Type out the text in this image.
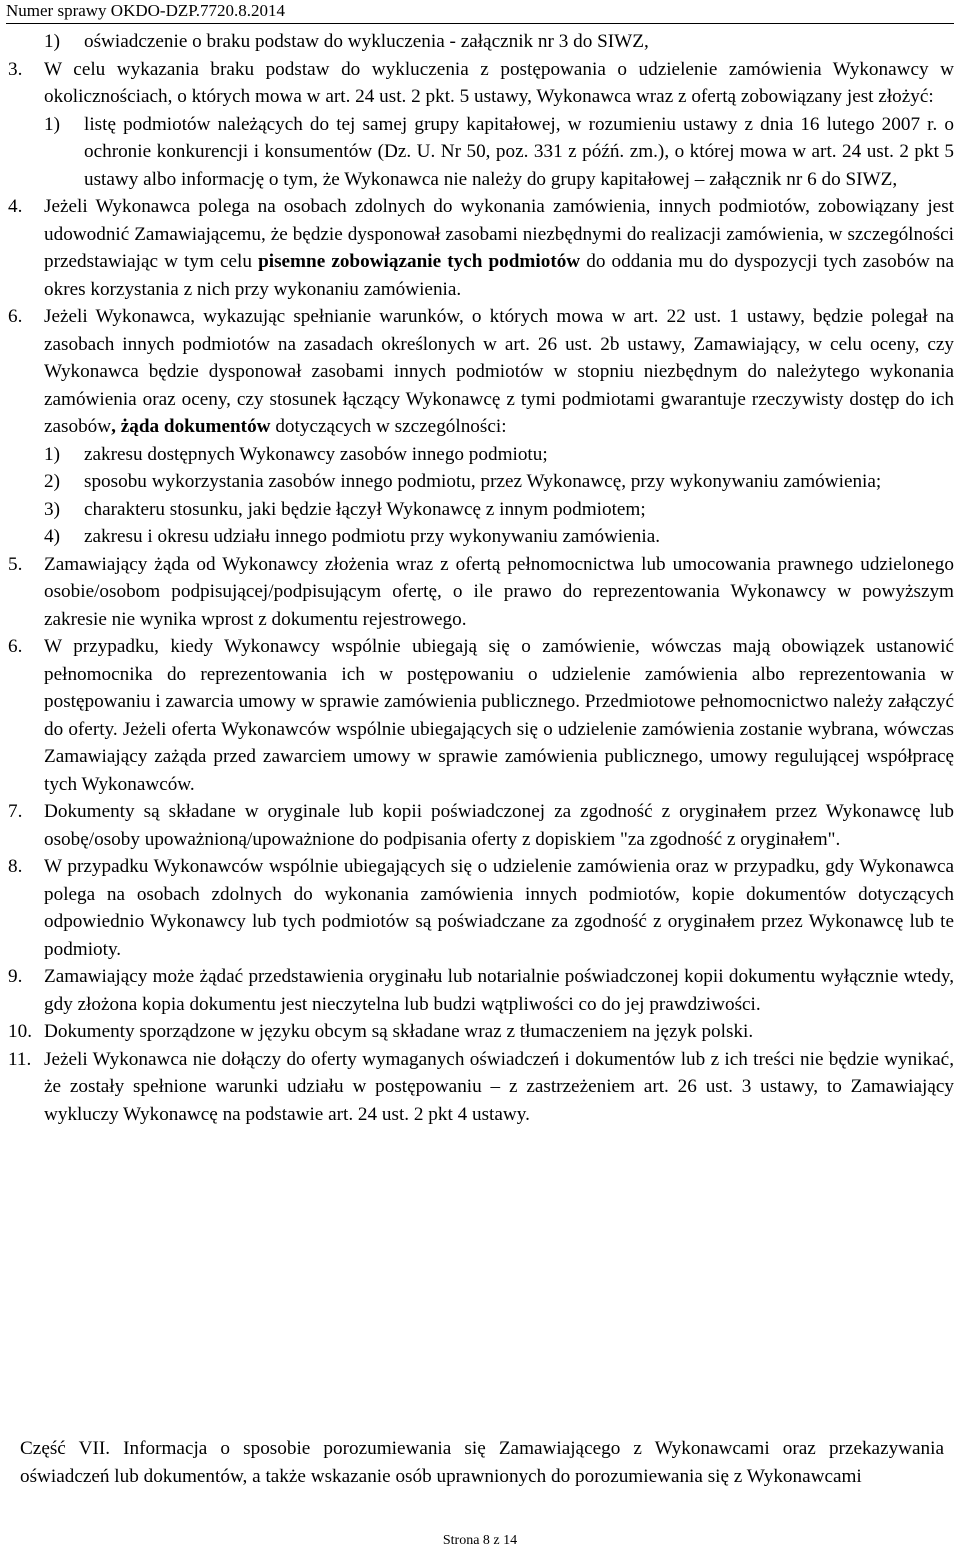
Numer sprawy OKDO-DZP.7720.8.2014
1) oświadczenie o braku podstaw do wykluczenia - załącznik nr 3 do SIWZ,
3. W celu wykazania braku podstaw do wykluczenia z postępowania o udzielenie zamówienia Wykonawcy w okolicznościach, o których mowa w art. 24 ust. 2 pkt. 5 ustawy, Wykonawca wraz z ofertą zobowiązany jest złożyć:
1) listę podmiotów należących do tej samej grupy kapitałowej, w rozumieniu ustawy z dnia 16 lutego 2007 r. o ochronie konkurencji i konsumentów (Dz. U. Nr 50, poz. 331 z późń. zm.), o której mowa w art. 24 ust. 2 pkt 5 ustawy albo informację o tym, że Wykonawca nie należy do grupy kapitałowej – załącznik nr 6 do SIWZ,
4. Jeżeli Wykonawca polega na osobach zdolnych do wykonania zamówienia, innych podmiotów, zobowiązany jest udowodnić Zamawiającemu, że będzie dysponował zasobami niezbędnymi do realizacji zamówienia, w szczególności przedstawiając w tym celu pisemne zobowiązanie tych podmiotów do oddania mu do dyspozycji tych zasobów na okres korzystania z nich przy wykonaniu zamówienia.
6. Jeżeli Wykonawca, wykazując spełnianie warunków, o których mowa w art. 22 ust. 1 ustawy, będzie polegał na zasobach innych podmiotów na zasadach określonych w art. 26 ust. 2b ustawy, Zamawiający, w celu oceny, czy Wykonawca będzie dysponował zasobami innych podmiotów w stopniu niezbędnym do należytego wykonania zamówienia oraz oceny, czy stosunek łączący Wykonawcę z tymi podmiotami gwarantuje rzeczywisty dostęp do ich zasobów, żąda dokumentów dotyczących w szczególności:
1) zakresu dostępnych Wykonawcy zasobów innego podmiotu;
2) sposobu wykorzystania zasobów innego podmiotu, przez Wykonawcę, przy wykonywaniu zamówienia;
3) charakteru stosunku, jaki będzie łączył Wykonawcę z innym podmiotem;
4) zakresu i okresu udziału innego podmiotu przy wykonywaniu zamówienia.
5. Zamawiający żąda od Wykonawcy złożenia wraz z ofertą pełnomocnictwa lub umocowania prawnego udzielonego osobie/osobom podpisującej/podpisującym ofertę, o ile prawo do reprezentowania Wykonawcy w powyższym zakresie nie wynika wprost z dokumentu rejestrowego.
6. W przypadku, kiedy Wykonawcy wspólnie ubiegają się o zamówienie, wówczas mają obowiązek ustanowić pełnomocnika do reprezentowania ich w postępowaniu o udzielenie zamówienia albo reprezentowania w postępowaniu i zawarcia umowy w sprawie zamówienia publicznego. Przedmiotowe pełnomocnictwo należy załączyć do oferty. Jeżeli oferta Wykonawców wspólnie ubiegających się o udzielenie zamówienia zostanie wybrana, wówczas Zamawiający zażąda przed zawarciem umowy w sprawie zamówienia publicznego, umowy regulującej współpracę tych Wykonawców.
7. Dokumenty są składane w oryginale lub kopii poświadczonej za zgodność z oryginałem przez Wykonawcę lub osobę/osoby upoważnioną/upoważnione do podpisania oferty z dopiskiem "za zgodność z oryginałem".
8. W przypadku Wykonawców wspólnie ubiegających się o udzielenie zamówienia oraz w przypadku, gdy Wykonawca polega na osobach zdolnych do wykonania zamówienia innych podmiotów, kopie dokumentów dotyczących odpowiednio Wykonawcy lub tych podmiotów są poświadczane za zgodność z oryginałem przez Wykonawcę lub te podmioty.
9. Zamawiający może żądać przedstawienia oryginału lub notarialnie poświadczonej kopii dokumentu wyłącznie wtedy, gdy złożona kopia dokumentu jest nieczytelna lub budzi wątpliwości co do jej prawdziwości.
10. Dokumenty sporządzone w języku obcym są składane wraz z tłumaczeniem na język polski.
11. Jeżeli Wykonawca nie dołączy do oferty wymaganych oświadczeń i dokumentów lub z ich treści nie będzie wynikać, że zostały spełnione warunki udziału w postępowaniu – z zastrzeżeniem art. 26 ust. 3 ustawy, to Zamawiający wykluczy Wykonawcę na podstawie art. 24 ust. 2 pkt 4 ustawy.
Część VII. Informacja o sposobie porozumiewania się Zamawiającego z Wykonawcami oraz przekazywania oświadczeń lub dokumentów, a także wskazanie osób uprawnionych do porozumiewania się z Wykonawcami
Strona 8 z 14
